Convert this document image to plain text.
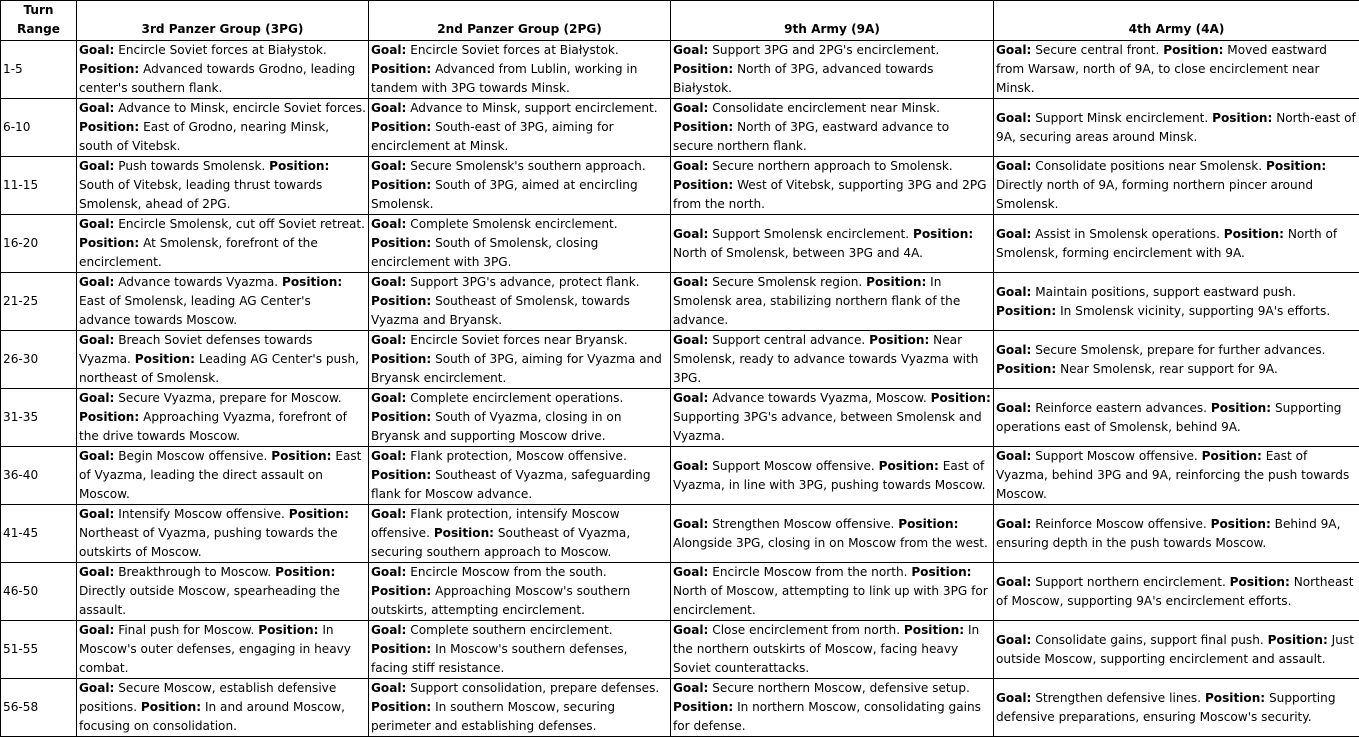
Turn Range	3rd Panzer Group (3PG)	2nd Panzer Group (2PG)	9th Army (9A)	4th Army (4A)
1-5	Goal: Encircle Soviet forces at Białystok. Position: Advanced towards Grodno, leading center's southern flank.	Goal: Encircle Soviet forces at Białystok. Position: Advanced from Lublin, working in tandem with 3PG towards Minsk.	Goal: Support 3PG and 2PG's encirclement. Position: North of 3PG, advanced towards Białystok.	Goal: Secure central front. Position: Moved eastward from Warsaw, north of 9A, to close encirclement near Minsk.
6-10	Goal: Advance to Minsk, encircle Soviet forces. Position: East of Grodno, nearing Minsk, south of Vitebsk.	Goal: Advance to Minsk, support encirclement. Position: South-east of 3PG, aiming for encirclement at Minsk.	Goal: Consolidate encirclement near Minsk. Position: North of 3PG, eastward advance to secure northern flank.	Goal: Support Minsk encirclement. Position: North-east of 9A, securing areas around Minsk.
11-15	Goal: Push towards Smolensk. Position: South of Vitebsk, leading thrust towards Smolensk, ahead of 2PG.	Goal: Secure Smolensk's southern approach. Position: South of 3PG, aimed at encircling Smolensk.	Goal: Secure northern approach to Smolensk. Position: West of Vitebsk, supporting 3PG and 2PG from the north.	Goal: Consolidate positions near Smolensk. Position: Directly north of 9A, forming northern pincer around Smolensk.
16-20	Goal: Encircle Smolensk, cut off Soviet retreat. Position: At Smolensk, forefront of the encirclement.	Goal: Complete Smolensk encirclement. Position: South of Smolensk, closing encirclement with 3PG.	Goal: Support Smolensk encirclement. Position: North of Smolensk, between 3PG and 4A.	Goal: Assist in Smolensk operations. Position: North of Smolensk, forming encirclement with 9A.
21-25	Goal: Advance towards Vyazma. Position: East of Smolensk, leading AG Center's advance towards Moscow.	Goal: Support 3PG's advance, protect flank. Position: Southeast of Smolensk, towards Vyazma and Bryansk.	Goal: Secure Smolensk region. Position: In Smolensk area, stabilizing northern flank of the advance.	Goal: Maintain positions, support eastward push. Position: In Smolensk vicinity, supporting 9A's efforts.
26-30	Goal: Breach Soviet defenses towards Vyazma. Position: Leading AG Center's push, northeast of Smolensk.	Goal: Encircle Soviet forces near Bryansk. Position: South of 3PG, aiming for Vyazma and Bryansk encirclement.	Goal: Support central advance. Position: Near Smolensk, ready to advance towards Vyazma with 3PG.	Goal: Secure Smolensk, prepare for further advances. Position: Near Smolensk, rear support for 9A.
31-35	Goal: Secure Vyazma, prepare for Moscow. Position: Approaching Vyazma, forefront of the drive towards Moscow.	Goal: Complete encirclement operations. Position: South of Vyazma, closing in on Bryansk and supporting Moscow drive.	Goal: Advance towards Vyazma, Moscow. Position: Supporting 3PG's advance, between Smolensk and Vyazma.	Goal: Reinforce eastern advances. Position: Supporting operations east of Smolensk, behind 9A.
36-40	Goal: Begin Moscow offensive. Position: East of Vyazma, leading the direct assault on Moscow.	Goal: Flank protection, Moscow offensive. Position: Southeast of Vyazma, safeguarding flank for Moscow advance.	Goal: Support Moscow offensive. Position: East of Vyazma, in line with 3PG, pushing towards Moscow.	Goal: Support Moscow offensive. Position: East of Vyazma, behind 3PG and 9A, reinforcing the push towards Moscow.
41-45	Goal: Intensify Moscow offensive. Position: Northeast of Vyazma, pushing towards the outskirts of Moscow.	Goal: Flank protection, intensify Moscow offensive. Position: Southeast of Vyazma, securing southern approach to Moscow.	Goal: Strengthen Moscow offensive. Position: Alongside 3PG, closing in on Moscow from the west.	Goal: Reinforce Moscow offensive. Position: Behind 9A, ensuring depth in the push towards Moscow.
46-50	Goal: Breakthrough to Moscow. Position: Directly outside Moscow, spearheading the assault.	Goal: Encircle Moscow from the south. Position: Approaching Moscow's southern outskirts, attempting encirclement.	Goal: Encircle Moscow from the north. Position: North of Moscow, attempting to link up with 3PG for encirclement.	Goal: Support northern encirclement. Position: Northeast of Moscow, supporting 9A's encirclement efforts.
51-55	Goal: Final push for Moscow. Position: In Moscow's outer defenses, engaging in heavy combat.	Goal: Complete southern encirclement. Position: In Moscow's southern defenses, facing stiff resistance.	Goal: Close encirclement from north. Position: In the northern outskirts of Moscow, facing heavy Soviet counterattacks.	Goal: Consolidate gains, support final push. Position: Just outside Moscow, supporting encirclement and assault.
56-58	Goal: Secure Moscow, establish defensive positions. Position: In and around Moscow, focusing on consolidation.	Goal: Support consolidation, prepare defenses. Position: In southern Moscow, securing perimeter and establishing defenses.	Goal: Secure northern Moscow, defensive setup. Position: In northern Moscow, consolidating gains for defense.	Goal: Strengthen defensive lines. Position: Supporting defensive preparations, ensuring Moscow's security.
